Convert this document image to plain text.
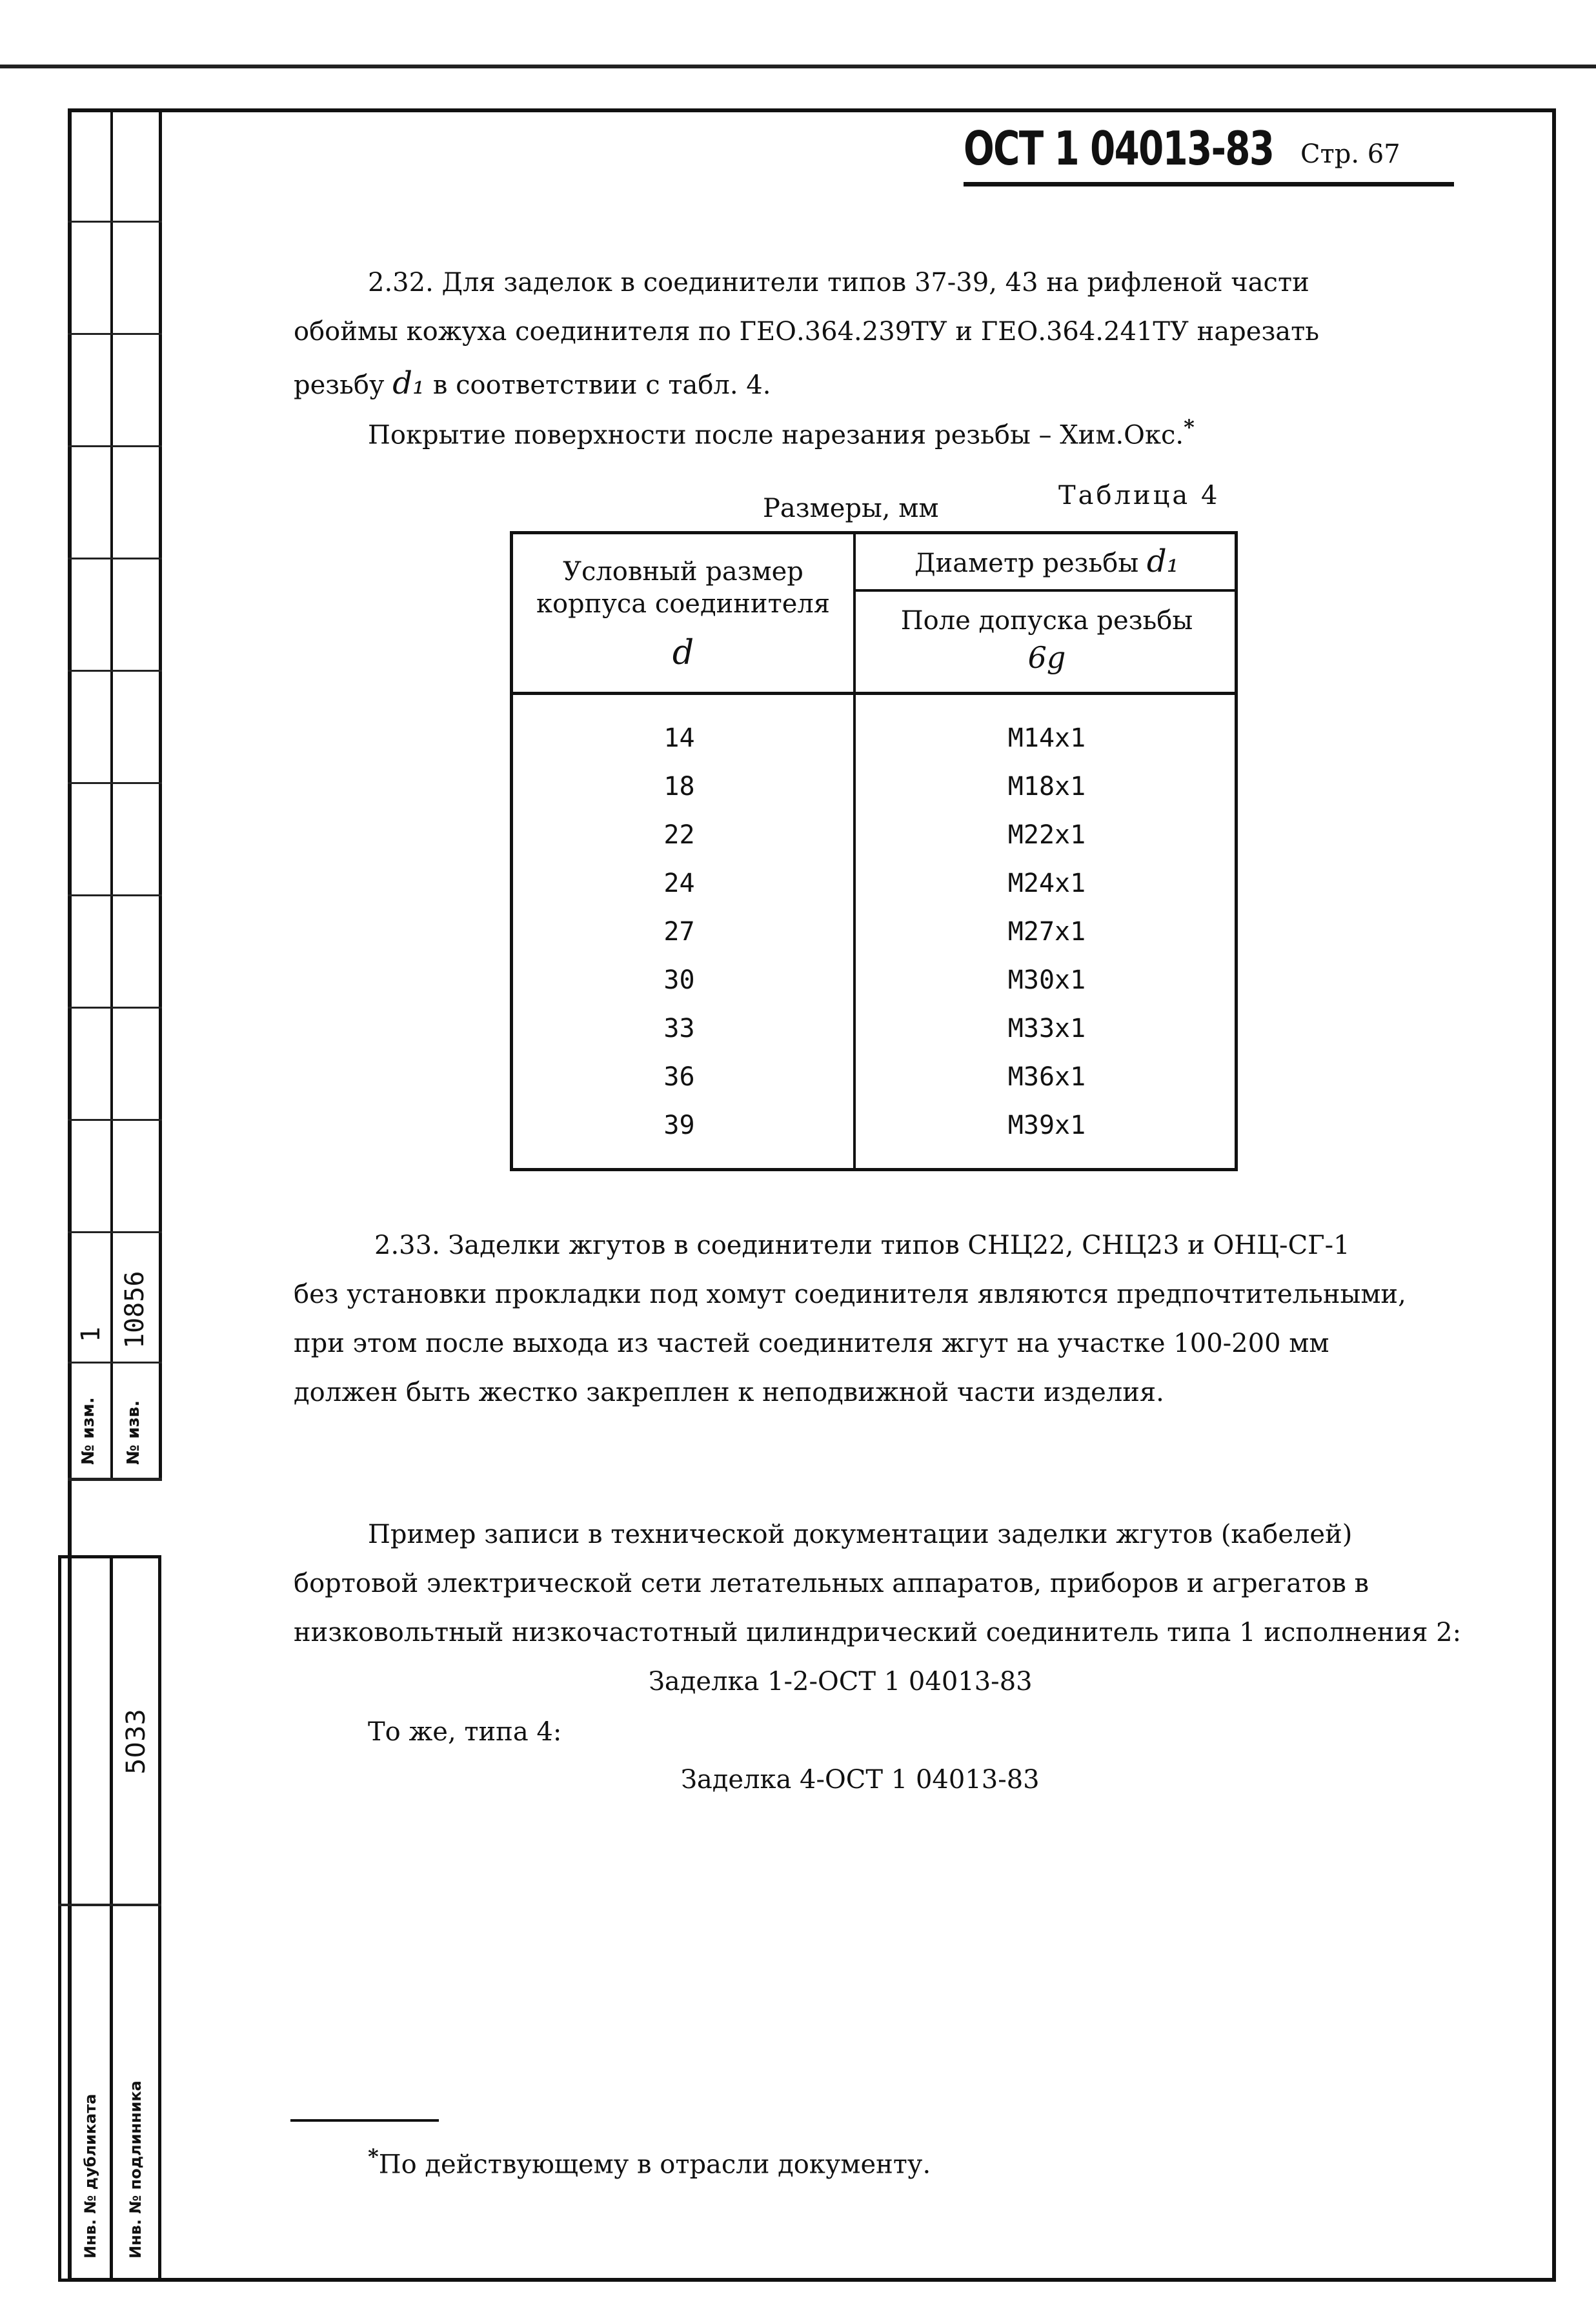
1 10856
№ изм. № изв.
5033
Инв. № дубликата Инв. № подлинника
ОСТ 1 04013-83 Стр. 67
2.32. Для заделок в соединители типов 37-39, 43 на рифленой части
обоймы кожуха соединителя по ГЕО.364.239ТУ и ГЕО.364.241ТУ нарезать
резьбу d₁ в соответствии с табл. 4.
Покрытие поверхности после нарезания резьбы – Хим.Окс.*
Таблица 4
Размеры, мм
Условный размер
корпуса соединителя
d
Диаметр резьбы d₁
Поле допуска резьбы
6g
14	М14х1
18	М18х1
22	М22х1
24	М24х1
27	М27х1
30	М30х1
33	М33х1
36	М36х1
39	М39х1
2.33. Заделки жгутов в соединители типов СНЦ22, СНЦ23 и ОНЦ-СГ-1
без установки прокладки под хомут соединителя являются предпочтительными,
при этом после выхода из частей соединителя жгут на участке 100-200 мм
должен быть жестко закреплен к неподвижной части изделия.
Пример записи в технической документации заделки жгутов (кабелей)
бортовой электрической сети летательных аппаратов, приборов и агрегатов в
низковольтный низкочастотный цилиндрический соединитель типа 1 исполнения 2:
Заделка 1-2-ОСТ 1 04013-83
То же, типа 4:
Заделка 4-ОСТ 1 04013-83
*По действующему в отрасли документу.
